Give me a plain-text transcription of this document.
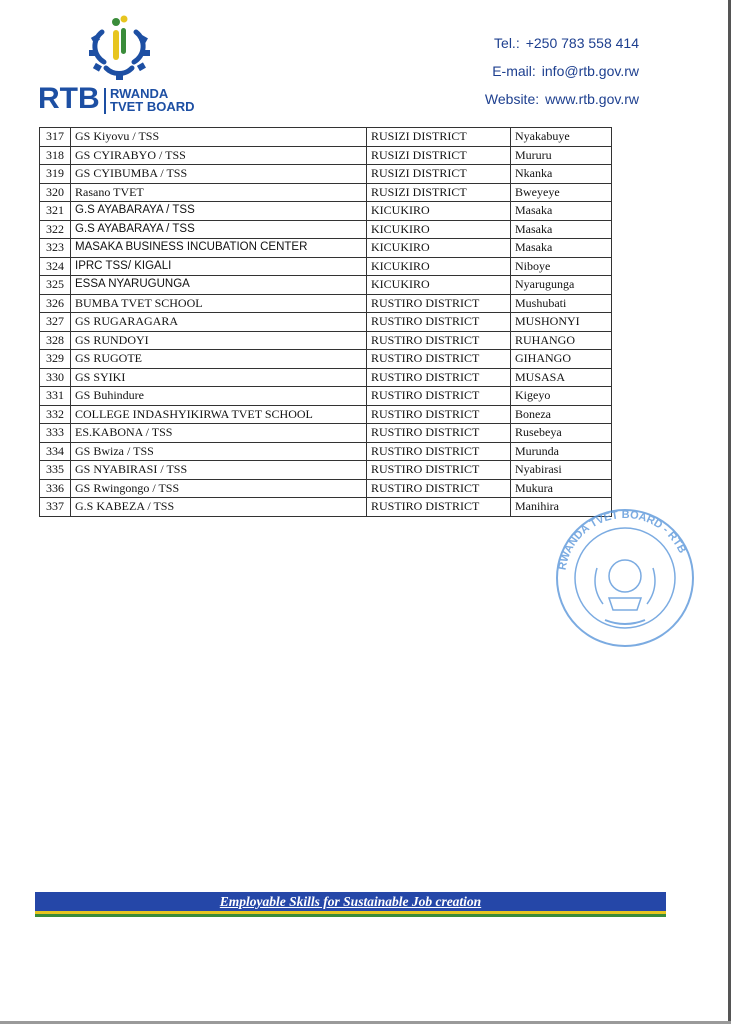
RTB RWANDA
TVET BOARD
Tel.: +250 783 558 414
E-mail: info@rtb.gov.rw
Website: www.rtb.gov.rw
317	GS Kiyovu / TSS	RUSIZI DISTRICT	Nyakabuye
318	GS CYIRABYO / TSS	RUSIZI DISTRICT	Mururu
319	GS CYIBUMBA / TSS	RUSIZI DISTRICT	Nkanka
320	Rasano TVET	RUSIZI DISTRICT	Bweyeye
321	G.S AYABARAYA / TSS	KICUKIRO	Masaka
322	G.S AYABARAYA / TSS	KICUKIRO	Masaka
323	MASAKA BUSINESS INCUBATION CENTER	KICUKIRO	Masaka
324	IPRC TSS/ KIGALI	KICUKIRO	Niboye
325	ESSA NYARUGUNGA	KICUKIRO	Nyarugunga
326	BUMBA TVET SCHOOL	RUSTIRO DISTRICT	Mushubati
327	GS RUGARAGARA	RUSTIRO DISTRICT	MUSHONYI
328	GS RUNDOYI	RUSTIRO DISTRICT	RUHANGO
329	GS RUGOTE	RUSTIRO DISTRICT	GIHANGO
330	GS SYIKI	RUSTIRO DISTRICT	MUSASA
331	GS Buhindure	RUSTIRO DISTRICT	Kigeyo
332	COLLEGE INDASHYIKIRWA TVET SCHOOL	RUSTIRO DISTRICT	Boneza
333	ES.KABONA / TSS	RUSTIRO DISTRICT	Rusebeya
334	GS Bwiza / TSS	RUSTIRO DISTRICT	Murunda
335	GS NYABIRASI / TSS	RUSTIRO DISTRICT	Nyabirasi
336	GS Rwingongo / TSS	RUSTIRO DISTRICT	Mukura
337	G.S KABEZA / TSS	RUSTIRO DISTRICT	Manihira
RWANDA TVET BOARD - RTB
Employable Skills for Sustainable Job creation
